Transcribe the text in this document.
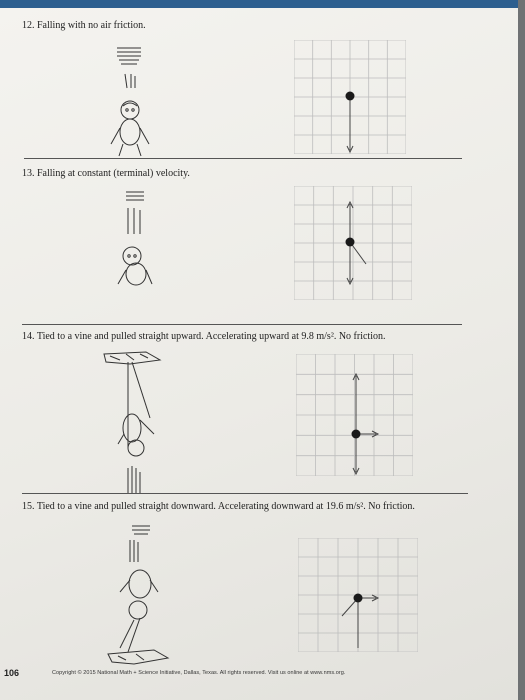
12. Falling with no air friction.
13. Falling at constant (terminal) velocity.
14. Tied to a vine and pulled straight upward. Accelerating upward at 9.8 m/s². No friction.
15. Tied to a vine and pulled straight downward. Accelerating downward at 19.6 m/s². No friction.
106	Copyright © 2015 National Math + Science Initiative, Dallas, Texas. All rights reserved. Visit us online at www.nms.org.
